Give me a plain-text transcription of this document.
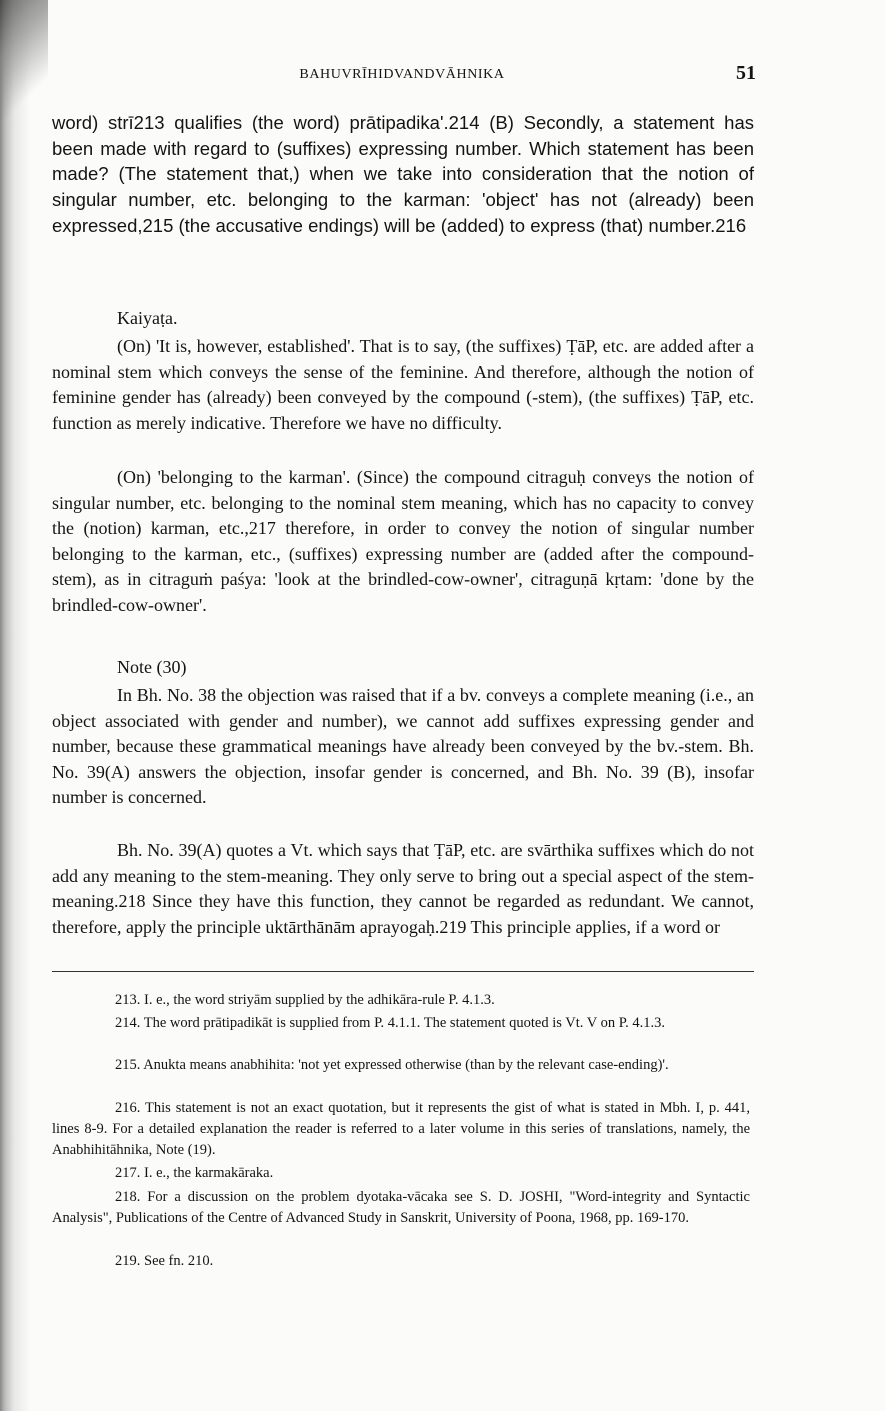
BAHUVRĪHIDVANDVĀHNIKA	51

word) strī213 qualifies (the word) prātipadika'.214 (B) Secondly, a statement has been made with regard to (suffixes) expressing number. Which statement has been made? (The statement that,) when we take into consideration that the notion of singular number, etc. belonging to the karman: 'object' has not (already) been expressed,215 (the accusative endings) will be (added) to express (that) number.216

Kaiyaṭa.

(On) 'It is, however, established'. That is to say, (the suffixes) ṬāP, etc. are added after a nominal stem which conveys the sense of the feminine. And therefore, although the notion of feminine gender has (already) been conveyed by the compound (-stem), (the suffixes) ṬāP, etc. function as merely indicative. Therefore we have no difficulty.

(On) 'belonging to the karman'. (Since) the compound citraguḥ conveys the notion of singular number, etc. belonging to the nominal stem meaning, which has no capacity to convey the (notion) karman, etc.,217 therefore, in order to convey the notion of singular number belonging to the karman, etc., (suffixes) expressing number are (added after the compound-stem), as in citraguṁ paśya: 'look at the brindled-cow-owner', citraguṇā kṛtam: 'done by the brindled-cow-owner'.

Note (30)

In Bh. No. 38 the objection was raised that if a bv. conveys a complete meaning (i.e., an object associated with gender and number), we cannot add suffixes expressing gender and number, because these grammatical meanings have already been conveyed by the bv.-stem. Bh. No. 39(A) answers the objection, insofar gender is concerned, and Bh. No. 39 (B), insofar number is concerned.

Bh. No. 39(A) quotes a Vt. which says that ṬāP, etc. are svārthika suffixes which do not add any meaning to the stem-meaning. They only serve to bring out a special aspect of the stem-meaning.218 Since they have this function, they cannot be regarded as redundant. We cannot, therefore, apply the principle uktārthānām aprayogaḥ.219 This principle applies, if a word or

213. I. e., the word striyām supplied by the adhikāra-rule P. 4.1.3.

214. The word prātipadikāt is supplied from P. 4.1.1. The statement quoted is Vt. V on P. 4.1.3.

215. Anukta means anabhihita: 'not yet expressed otherwise (than by the relevant case-ending)'.

216. This statement is not an exact quotation, but it represents the gist of what is stated in Mbh. I, p. 441, lines 8-9. For a detailed explanation the reader is referred to a later volume in this series of translations, namely, the Anabhihitāhnika, Note (19).

217. I. e., the karmakāraka.

218. For a discussion on the problem dyotaka-vācaka see S. D. JOSHI, "Word-integrity and Syntactic Analysis", Publications of the Centre of Advanced Study in Sanskrit, University of Poona, 1968, pp. 169-170.

219. See fn. 210.
